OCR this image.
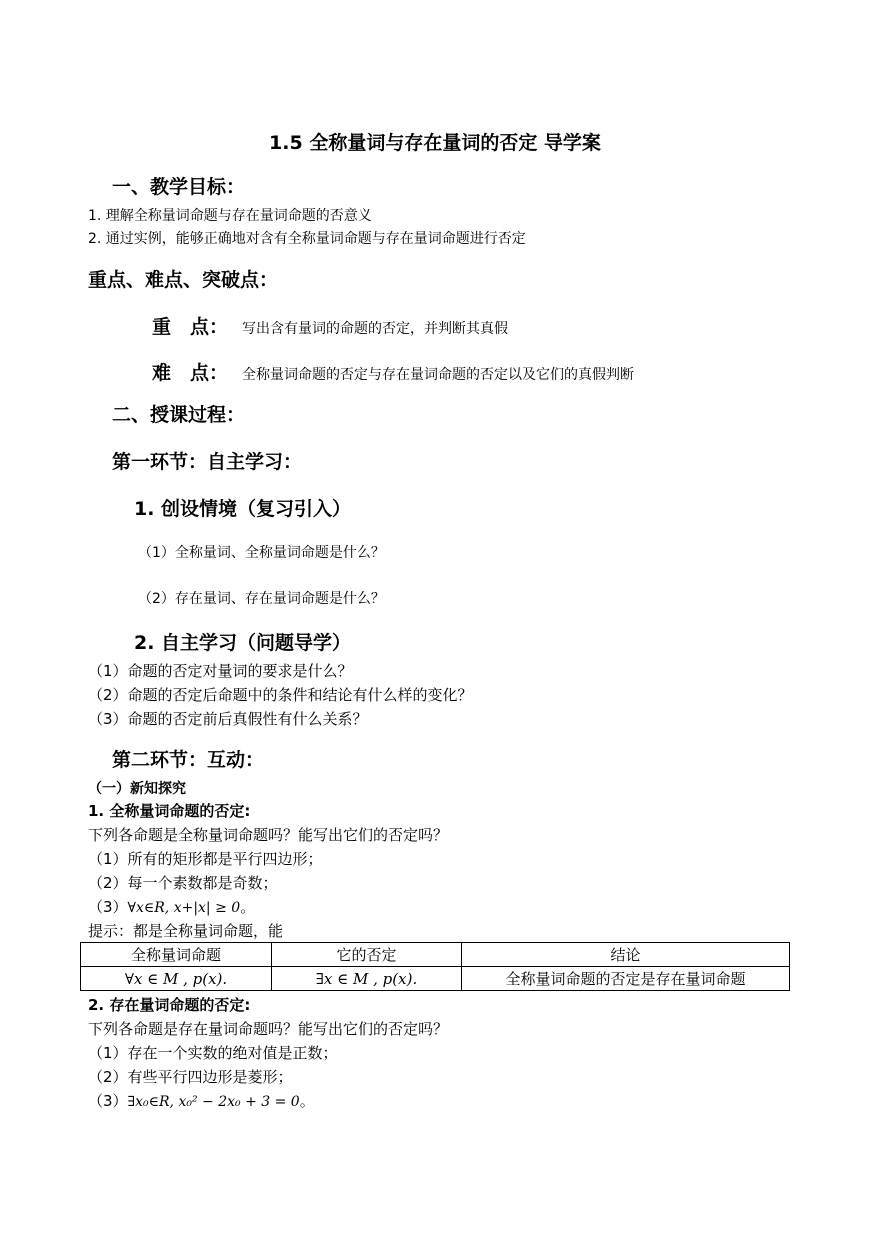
1.5 全称量词与存在量词的否定 导学案
一、教学目标：
1. 理解全称量词命题与存在量词命题的否意义
2. 通过实例，能够正确地对含有全称量词命题与存在量词命题进行否定
重点、难点、突破点：
重　点： 写出含有量词的命题的否定，并判断其真假
难　点： 全称量词命题的否定与存在量词命题的否定以及它们的真假判断
二、授课过程：
第一环节：自主学习：
1. 创设情境（复习引入）
（1）全称量词、全称量词命题是什么？
（2）存在量词、存在量词命题是什么？
2. 自主学习（问题导学）
（1）命题的否定对量词的要求是什么？
（2）命题的否定后命题中的条件和结论有什么样的变化？
（3）命题的否定前后真假性有什么关系？
第二环节：互动：
（一）新知探究
1. 全称量词命题的否定:
下列各命题是全称量词命题吗？能写出它们的否定吗？
（1）所有的矩形都是平行四边形；
（2）每一个素数都是奇数；
（3）∀x∈R, x+|x| ≥ 0。
提示：都是全称量词命题，能
全称量词命题	它的否定	结论
∀x ∈ M , p(x).	∃x ∈ M , p(x).	全称量词命题的否定是存在量词命题
2. 存在量词命题的否定:
下列各命题是存在量词命题吗？能写出它们的否定吗？
（1）存在一个实数的绝对值是正数；
（2）有些平行四边形是菱形；
（3）∃x₀∈R, x₀² − 2x₀ + 3 = 0。
